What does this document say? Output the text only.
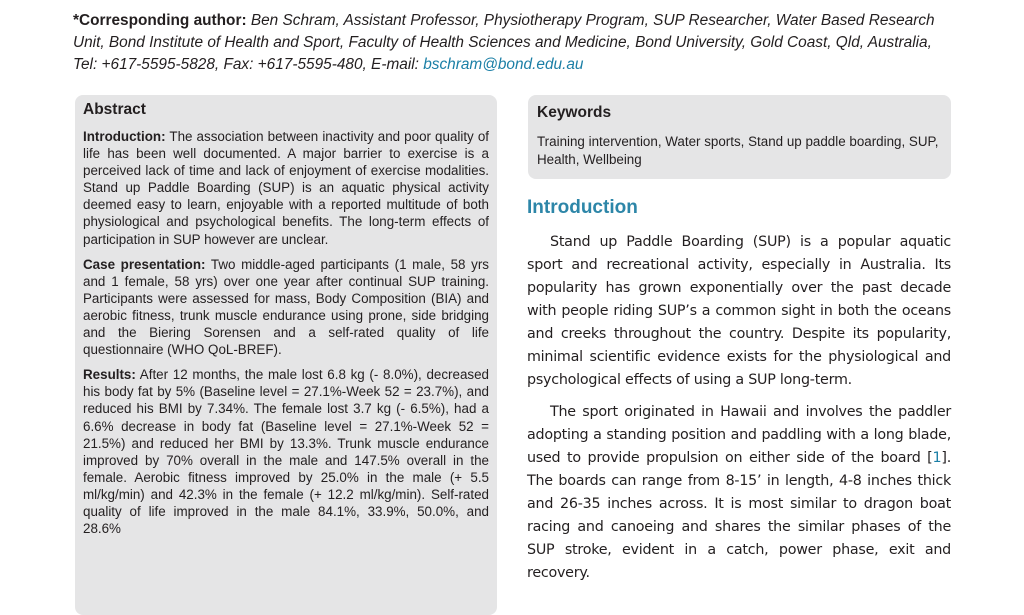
*Corresponding author: Ben Schram, Assistant Professor, Physiotherapy Program, SUP Researcher, Water Based Research Unit, Bond Institute of Health and Sport, Faculty of Health Sciences and Medicine, Bond University, Gold Coast, Qld, Australia, Tel: +617-5595-5828, Fax: +617-5595-480, E-mail: bschram@bond.edu.au
Abstract

Introduction: The association between inactivity and poor quality of life has been well documented. A major barrier to exercise is a perceived lack of time and lack of enjoyment of exercise modalities. Stand up Paddle Boarding (SUP) is an aquatic physical activity deemed easy to learn, enjoyable with a reported multitude of both physiological and psychological benefits. The long-term effects of participation in SUP however are unclear.

Case presentation: Two middle-aged participants (1 male, 58 yrs and 1 female, 58 yrs) over one year after continual SUP training. Participants were assessed for mass, Body Composition (BIA) and aerobic fitness, trunk muscle endurance using prone, side bridging and the Biering Sorensen and a self-rated quality of life questionnaire (WHO QoL-BREF).

Results: After 12 months, the male lost 6.8 kg (- 8.0%), decreased his body fat by 5% (Baseline level = 27.1%-Week 52 = 23.7%), and reduced his BMI by 7.34%. The female lost 3.7 kg (- 6.5%), had a 6.6% decrease in body fat (Baseline level = 27.1%-Week 52 = 21.5%) and reduced her BMI by 13.3%. Trunk muscle endurance improved by 70% overall in the male and 147.5% overall in the female. Aerobic fitness improved by 25.0% in the male (+ 5.5 ml/kg/min) and 42.3% in the female (+ 12.2 ml/kg/min). Self-rated quality of life improved in the male 84.1%, 33.9%, 50.0%, and 28.6%

Keywords
Training intervention, Water sports, Stand up paddle boarding, SUP, Health, Wellbeing
Introduction

Stand up Paddle Boarding (SUP) is a popular aquatic sport and recreational activity, especially in Australia. Its popularity has grown exponentially over the past decade with people riding SUP’s a common sight in both the oceans and creeks throughout the country. Despite its popularity, minimal scientific evidence exists for the physiological and psychological effects of using a SUP long-term.

The sport originated in Hawaii and involves the paddler adopting a standing position and paddling with a long blade, used to provide propulsion on either side of the board [1]. The boards can range from 8-15’ in length, 4-8 inches thick and 26-35 inches across. It is most similar to dragon boat racing and canoeing and shares the similar phases of the SUP stroke, evident in a catch, power phase, exit and recovery.
